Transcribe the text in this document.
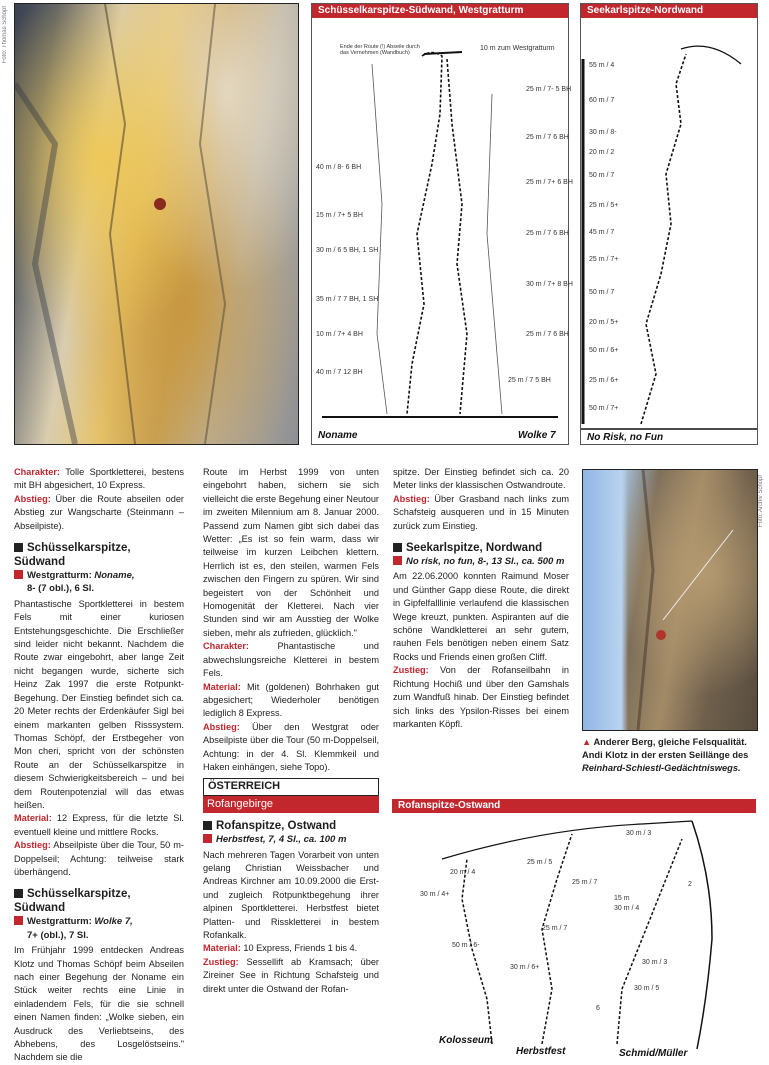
Foto: Thomas Schöpf	Schüsselkarspitze-Südwand, Westgratturm
Ende der Route (!) Abseile durch das Vernehmen (Wandbuch)
10 m zum Westgratturm
25 m / 7- 5 BH
25 m / 7 6 BH
25 m / 7+ 6 BH
25 m / 7 6 BH
30 m / 7+ 8 BH
25 m / 7 6 BH
25 m / 7 5 BH
40 m / 8- 6 BH
15 m / 7+ 5 BH
30 m / 6 5 BH, 1 SH
35 m / 7 7 BH, 1 SH
10 m / 7+ 4 BH
40 m / 7 12 BH
Noname	Wolke 7
Seekarlspitze-Nordwand
55 m / 4
60 m / 7
30 m / 8-
20 m / 2
50 m / 7
25 m / 5+
45 m / 7
25 m / 7+
50 m / 7
20 m / 5+
50 m / 6+
25 m / 6+
50 m / 7+
No Risk, no Fun

Charakter: Tolle Sportkletterei, bestens mit BH abgesichert, 10 Express.

Abstieg: Über die Route abseilen oder Abstieg zur Wangscharte (Steinmann – Abseilpiste).

Schüsselkarspitze, Südwand
Westgratturm: Noname,
8- (7 obl.), 6 Sl.

Phantastische Sportkletterei in bestem Fels mit einer kuriosen Entstehungsgeschichte. Die Erschließer sind leider nicht bekannt. Nachdem die Route zwar eingebohrt, aber lange Zeit nicht begangen wurde, sicherte sich Heinz Zak 1997 die erste Rotpunkt-Begehung. Der Einstieg befindet sich ca. 20 Meter rechts der Erdenkäufer Sigl bei einem markanten gelben Risssystem. Thomas Schöpf, der Erstbegeher von Mon cheri, spricht von der schönsten Route an der Schüsselkarspitze in diesem Schwierigkeitsbereich – und bei dem Routenpotenzial will das etwas heißen.

Material: 12 Express, für die letzte Sl. eventuell kleine und mittlere Rocks.

Abstieg: Abseilpiste über die Tour, 50 m-Doppelseil; Achtung: teilweise stark überhängend.

Schüsselkarspitze, Südwand
Westgratturm: Wolke 7,
7+ (obl.), 7 Sl.

Im Frühjahr 1999 entdecken Andreas Klotz und Thomas Schöpf beim Abseilen nach einer Begehung der Noname ein Stück weiter rechts eine Linie in einladendem Fels, für die sie schnell einen Namen finden: „Wolke sieben, ein Ausdruck des Verliebtseins, des Abhebens, des Losgelöstseins." Nachdem sie die

Route im Herbst 1999 von unten eingebohrt haben, sichern sie sich vielleicht die erste Begehung einer Neutour im zweiten Milennium am 8. Januar 2000. Passend zum Namen gibt sich dabei das Wetter: „Es ist so fein warm, dass wir teilweise im kurzen Leibchen klettern. Herrlich ist es, den steilen, warmen Fels zwischen den Fingern zu spüren. Wir sind begeistert von der Schönheit und Homogenität der Kletterei. Nach vier Stunden sind wir am Ausstieg der Wolke sieben, mehr als zufrieden, glücklich."

Charakter: Phantastische und abwechslungsreiche Kletterei in bestem Fels.

Material: Mit (goldenen) Bohrhaken gut abgesichert; Wiederholer benötigen lediglich 8 Express.

Abstieg: Über den Westgrat oder Abseilpiste über die Tour (50 m-Doppelseil, Achtung: in der 4. Sl. Klemmkeil und Haken einhängen, siehe Topo).

ÖSTERREICH
Rofangebirge
Rofanspitze, Ostwand
Herbstfest, 7, 4 Sl., ca. 100 m

Nach mehreren Tagen Vorarbeit von unten gelang Christian Weissbacher und Andreas Kirchner am 10.09.2000 die Erst- und zugleich Rotpunktbegehung ihrer alpinen Sportkletterei. Herbstfest bietet Platten- und Risskletterei in bestem Rofankalk.

Material: 10 Express, Friends 1 bis 4.

Zustieg: Sessellift ab Kramsach; über Zireiner See in Richtung Schafsteig und direkt unter die Ostwand der Rofan-

spitze. Der Einstieg befindet sich ca. 20 Meter links der klassischen Ostwandroute.

Abstieg: Über Grasband nach links zum Schafsteig ausqueren und in 15 Minuten zurück zum Einstieg.

Seekarlspitze, Nordwand
No risk, no fun, 8-, 13 Sl., ca. 500 m

Am 22.06.2000 konnten Raimund Moser und Günther Gapp diese Route, die direkt in Gipfelfalllinie verlaufend die klassischen Wege kreuzt, punkten. Aspiranten auf die schöne Wandkletterei an sehr gutem, rauhen Fels benötigen neben einem Satz Rocks und Friends einen großen Cliff.

Zustieg: Von der Rofanseilbahn in Richtung Hochiß und über den Gamshals zum Wandfuß hinab. Der Einstieg befindet sich links des Ypsilon-Risses bei einem markanten Köpfl.

Foto: Archiv Schöpf
▲ Anderer Berg, gleiche Felsqualität.
Andi Klotz in der ersten Seillänge des
Reinhard-Schiestl-Gedächtniswegs.
Rofanspitze-Ostwand
30 m / 3
25 m / 5
20 m / 4
25 m / 7
30 m / 4+
2
15 m
30 m / 4
25 m / 7
50 m / 6-
30 m / 6+
30 m / 3
30 m / 5
6
Kolosseum
Herbstfest	Schmid/Müller
